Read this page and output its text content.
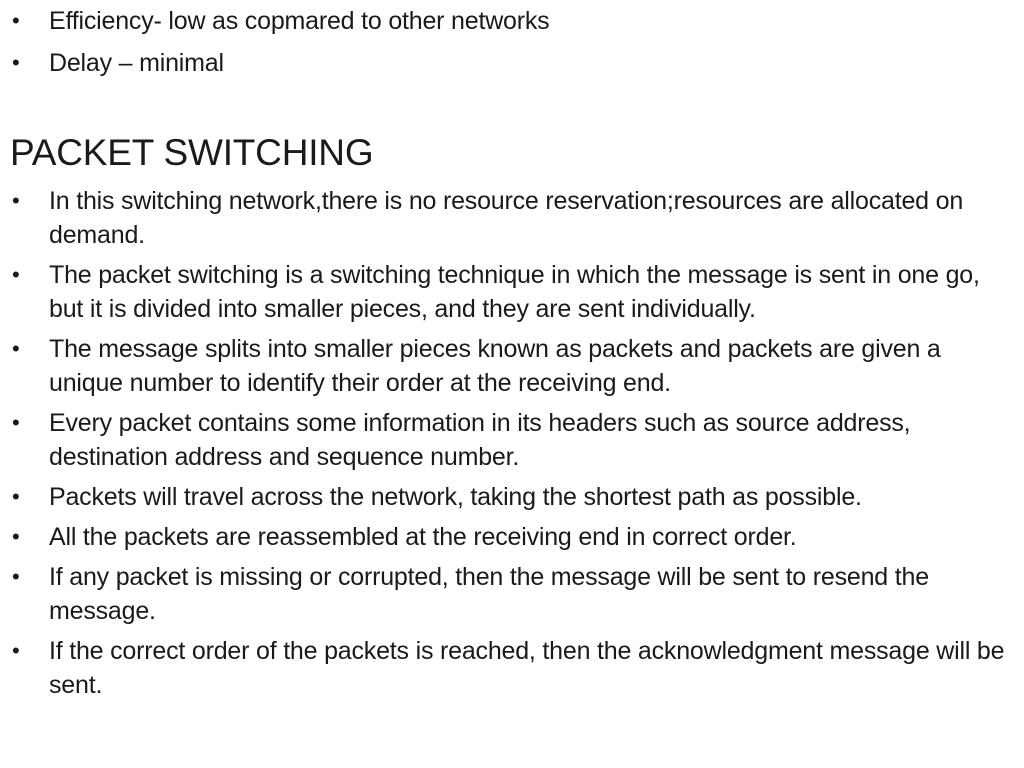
• Efficiency- low as copmared to other networks
• Delay – minimal
PACKET SWITCHING
• In this switching network,there is no resource reservation;resources are allocated on demand.
• The packet switching is a switching technique in which the message is sent in one go, but it is divided into smaller pieces, and they are sent individually.
• The message splits into smaller pieces known as packets and packets are given a unique number to identify their order at the receiving end.
• Every packet contains some information in its headers such as source address, destination address and sequence number.
• Packets will travel across the network, taking the shortest path as possible.
• All the packets are reassembled at the receiving end in correct order.
• If any packet is missing or corrupted, then the message will be sent to resend the message.
• If the correct order of the packets is reached, then the acknowledgment message will be sent.
